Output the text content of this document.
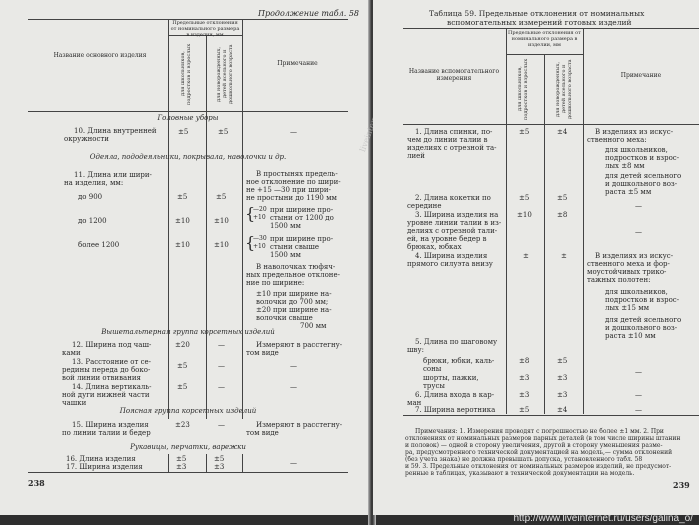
Продолжение табл. 58
Название основного изделия
Предельные отклонения от номинального размера в изделии, мм
для школьников, подростков и взрослых	для новорожденных, детей ясельного и дошкольного возраста	Примечание
Головные уборы
10. Длина внутренней
окружности
±5	±5	—
Одеяла, пододеяльники, покрывала, наволочки и др.
11. Длина или шири-
на изделия, мм:
до 900	±5	±5
до 1200	±10	±10
более 1200	±10	±10
В простынях предель-
ное отклонение по шири-
не +15 —30 при шири-
не простыни до 1190 мм
{
—20
+10
при ширине про-
стыни от 1200 до
1500 мм
{
—30
+10
при ширине про-
стыни свыше
1500 мм
В наволочках тюфяч-
ных предельное отклоне-
ние по ширине:
±10 при ширине на-
волочки до 700 мм;
±20 при ширине на-
волочки свыше
700 мм
Вышетальтерная группа корсетных изделий
12. Ширина под чаш-
ками
±20	—	Измеряют в расстегну-
том виде
13. Расстояние от се-
редины переда до боко-
вой линии отвивания
±5	—	—
14. Длина вертикаль-
ной дуги нижней части
чашки
±5	—	—
Поясная группа корсетных изделий
15. Ширина изделия
по линии талии и бедер
±23	—	Измеряют в расстегну-
том виде
Рукавицы, перчатки, варежки
16. Длина изделия	±5	±5
17. Ширина изделия	±3	±3	—
238
Таблица 59. Предельные отклонения от номинальных
вспомогательных измерений готовых изделий
Название вспомогательного измерения
Предельные отклонения от номинального размера в изделии, мм
для школьников, подростков и взрослых	для новорожденных, детей ясельного и дошкольного возраста	Примечание
1. Длина спинки, по-
чем до линии талии в
изделиях с отрезной та-
лией
±5	±4	В изделиях из искус-
ственного меха:
для школьников,
подростков и взрос-
лых ±8 мм
для детей ясельного
и дошкольного воз-
раста ±5 мм
2. Длина кокетки по
середине
±5	±5
—
3. Ширина изделия на
уровне линии талии в из-
делиях с отрезной тали-
ей, на уровне бедер в
брюках, юбках
±10	±8
—
4. Ширина изделия
прямого силуэта внизу
±	±	В изделиях из искус-
ственного меха и фор-
моустойчивых трико-
тажных полотен:
для школьников,
подростков и взрос-
лых ±15 мм
для детей ясельного
и дошкольного воз-
раста ±10 мм
5. Длина по шаговому
шву:
брюки, юбки, каль-
соны
±8	±5
шорты, пажки,
трусы
±3	±3
—
6. Длина входа в кар-
ман
±3	±3	—
7. Ширина веротника	±5	±4	—
Примечания: 1. Измерения проводят с погрешностью не более ±1 мм. 2. При
отклонениях от номинальных размеров парных деталей (в том числе ширины штанин
и половок) — одной в сторону увеличения, другой в сторону уменьшения разме-
ра, предусмотренного технической документацией на модель,— сумма отклонений
(без учета знака) не должна превышать допуска, установленного табл. 58
и 59. 3. Предельные отклонения от номинальных размеров изделий, не предусмот-
ренные в таблицах, указывают в технической документации на модель.
239
http://www.liveinternet.ru/users/galina_o/
